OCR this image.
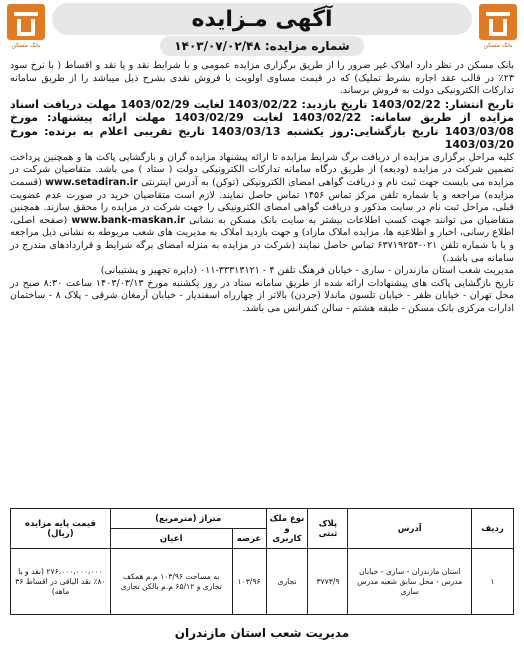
بانک مسکن
آگهی مـزایده
شماره مزایده: ۱۴۰۳/۰۷/۰۲/۴۸	بانک مسکن

بانک مسکن در نظر دارد املاک غیر ضرور را از طریق برگزاری مزایده عمومی و با شرایط نقد و یا نقد و اقساط ( با نرخ سود ۲۳٪ در قالب عقد اجاره بشرط تملیک) که در قیمت مساوی اولویت با فروش نقدی بشرح ذیل میباشد را از طریق سامانه تدارکات الکترونیکی دولت به فروش برساند.

تاریخ انتشار: 1403/02/22 تاریخ بازدید: 1403/02/22 لغایت 1403/02/29 مهلت دریافت اسناد مزایده از طریق سامانه: 1403/02/22 لغایت 1403/02/29 مهلت ارائه پیشنهاد: مورخ 1403/03/08 تاریخ بازگشایی:روز یکشنبه 1403/03/13 تاریخ تقریبی اعلام به برنده: مورخ 1403/03/20

کلیه مراحل برگزاری مزایده از دریافت برگ شرایط مزایده تا ارائه پیشنهاد مزایده گران و بازگشایی پاکت ها و همچنین پرداخت تضمین شرکت در مزایده (ودیعه) از طریق درگاه سامانه تدارکات الکترونیکی دولت ( ستاد ) می باشد. متقاضیان شرکت در مزایده می بایست جهت ثبت نام و دریافت گواهی امضای الکترونیکی (توکن) به آدرس اینترنتی www.setadiran.ir (قسمت مزایده) مراجعه و یا شماره تلفن مرکز تماس ۱۴۵۶ تماس حاصل نمایند. لازم است متقاضیان خرید در صورت عدم عضویت قبلی، مراحل ثبت نام در سایت مذکور و دریافت گواهی امضای الکترونیکی را جهت شرکت در مزایده را محقق سازند. همچنین متقاضیان می توانند جهت کسب اطلاعات بیشتر به سایت بانک مسکن به نشانی www.bank-maskan.ir (صفحه اصلی، اطلاع رسانی، اخبار و اطلاعیه ها، مزایده املاک مازاد) و جهت بازدید املاک به مدیریت های شعب مربوطه به نشانی ذیل مراجعه و یا با شماره تلفن ۰۲۱-۶۳۷۱۹۲۵۴ تماس حاصل نمایند (شرکت در مزایده به منزله امضای برگه شرایط و قراردادهای مندرج در سامانه می باشد.)

مدیریت شعب استان مازندران - ساری - خیابان فرهنگ تلفن ۴ - ۳۳۳۱۳۱۲۱-۰۱۱ (دایره تجهیز و پشتیبانی)

تاریخ بازگشایی پاکت های پیشنهادات ارائه شده از طریق سامانه ستاد در روز یکشنبه مورخ ۱۴۰۳/۰۳/۱۳ ساعت ۸:۳۰ صبح در محل تهران - خیابان ظفر - خیابان تلسون ماندلا (جردن) بالاتر از چهارراه اسفندیار - خیابان آرمغان شرقی - پلاک ۸ - ساختمان ادارات مرکزی بانک مسکن - طبقه هشتم - سالن کنفرانس می باشد.

ردیف	آدرس	پلاک ثبتی	نوع ملک و کاربری	متراژ (مترمربع)		قیمت پایه مزایده (ریال)
				عرصه	اعیان	
۱	استان مازندران - ساری - خیابان مدرس - محل سابق شعبه مدرس ساری	۳۷۷۳/۹	تجاری	۱۰۳/۹۶	به مساحت ۱۰۳/۹۶ م.م همکف تجاری و ۶۵/۱۲ م.م بالکن تجاری	۲۷۶،۰۰۰،۰۰۰،۰۰۰ (نقد و یا ۸۰٪ نقد الباقی در اقساط ۳۶ ماهه)
مدیریت شعب استان مازندران
